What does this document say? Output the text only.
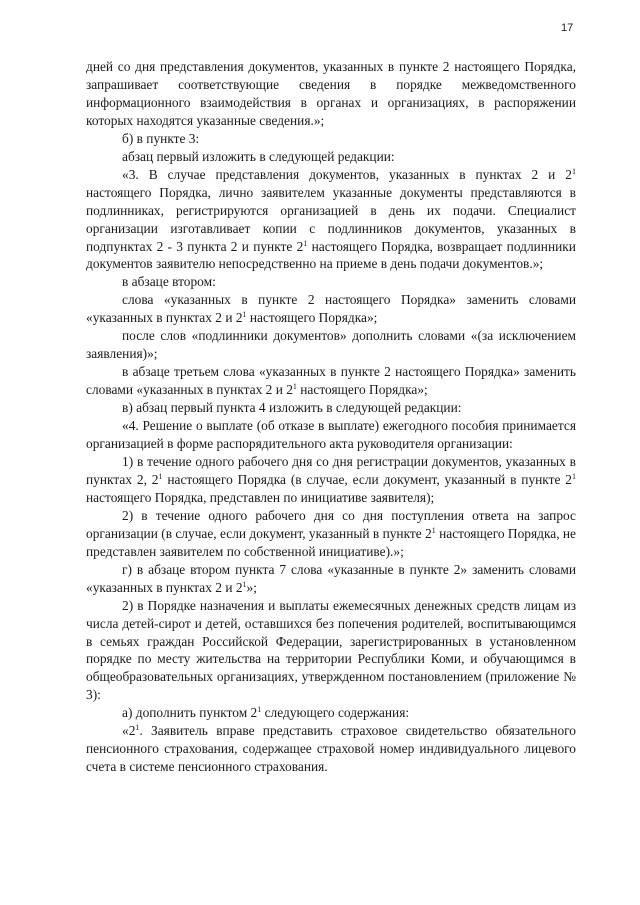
17

дней со дня представления документов, указанных в пункте 2 настоящего Порядка, запрашивает соответствующие сведения в порядке межведомственного информационного взаимодействия в органах и организациях, в распоряжении которых находятся указанные сведения.»;

б) в пункте 3:

абзац первый изложить в следующей редакции:

«3. В случае представления документов, указанных в пунктах 2 и $2^1$ настоящего Порядка, лично заявителем указанные документы представляются в подлинниках, регистрируются организацией в день их подачи. Специалист организации изготавливает копии с подлинников документов, указанных в подпунктах 2 - 3 пункта 2 и пункте $2^1$ настоящего Порядка, возвращает подлинники документов заявителю непосредственно на приеме в день подачи документов.»;

в абзаце втором:

слова «указанных в пункте 2 настоящего Порядка» заменить словами «указанных в пунктах 2 и $2^1$ настоящего Порядка»;

после слов «подлинники документов» дополнить словами «(за исключением заявления)»;

в абзаце третьем слова «указанных в пункте 2 настоящего Порядка» заменить словами «указанных в пунктах 2 и $2^1$ настоящего Порядка»;

в) абзац первый пункта 4 изложить в следующей редакции:

«4. Решение о выплате (об отказе в выплате) ежегодного пособия принимается организацией в форме распорядительного акта руководителя организации:

1) в течение одного рабочего дня со дня регистрации документов, указанных в пунктах 2, $2^1$ настоящего Порядка (в случае, если документ, указанный в пункте $2^1$ настоящего Порядка, представлен по инициативе заявителя);

2) в течение одного рабочего дня со дня поступления ответа на запрос организации (в случае, если документ, указанный в пункте $2^1$ настоящего Порядка, не представлен заявителем по собственной инициативе).»;

г) в абзаце втором пункта 7 слова «указанные в пункте 2» заменить словами «указанных в пунктах 2 и $2^1$»;

2) в Порядке назначения и выплаты ежемесячных денежных средств лицам из числа детей-сирот и детей, оставшихся без попечения родителей, воспитывающимся в семьях граждан Российской Федерации, зарегистрированных в установленном порядке по месту жительства на территории Республики Коми, и обучающимся в общеобразовательных организациях, утвержденном постановлением (приложение № 3):

а) дополнить пунктом $2^1$ следующего содержания:

«$2^1$. Заявитель вправе представить страховое свидетельство обязательного пенсионного страхования, содержащее страховой номер индивидуального лицевого счета в системе пенсионного страхования.
